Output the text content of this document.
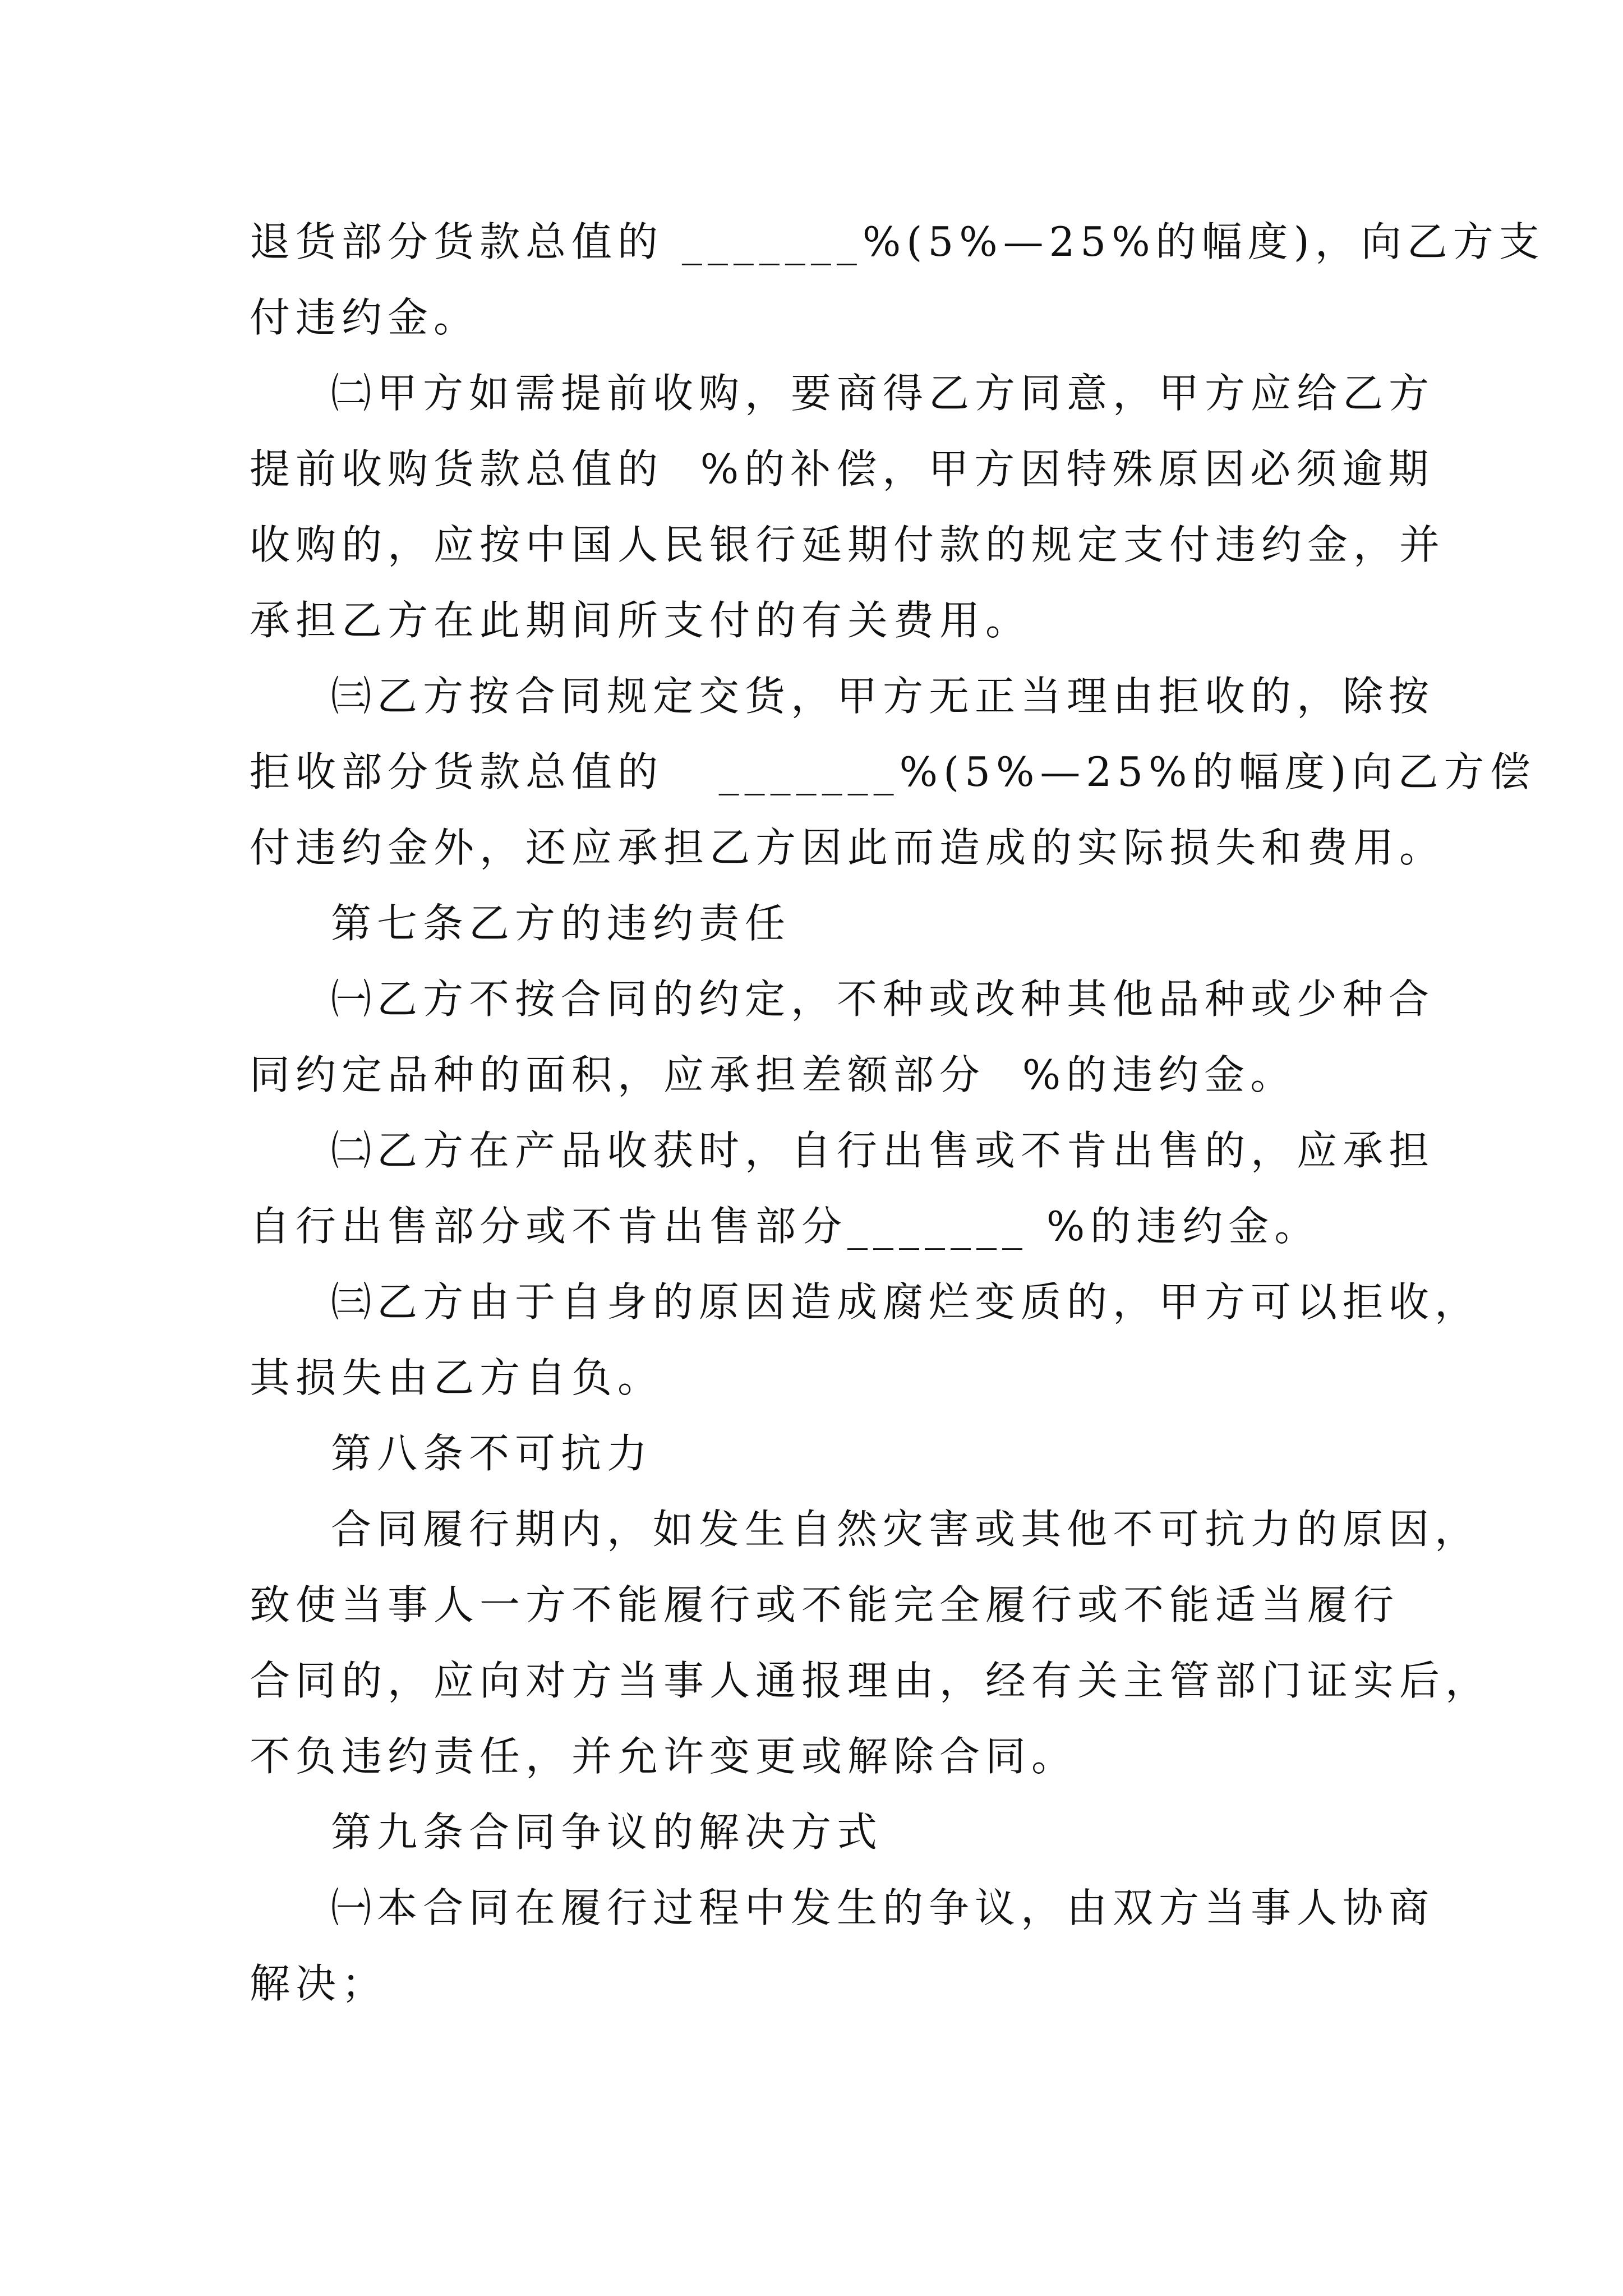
退货部分货款总值的 _______%(5%—25%的幅度)，向乙方支
付违约金。
㈡甲方如需提前收购，要商得乙方同意，甲方应给乙方
提前收购货款总值的  %的补偿，甲方因特殊原因必须逾期
收购的，应按中国人民银行延期付款的规定支付违约金，并
承担乙方在此期间所支付的有关费用。
㈢乙方按合同规定交货，甲方无正当理由拒收的，除按
拒收部分货款总值的   _______%(5%—25%的幅度)向乙方偿
付违约金外，还应承担乙方因此而造成的实际损失和费用。
第七条乙方的违约责任
㈠乙方不按合同的约定，不种或改种其他品种或少种合
同约定品种的面积，应承担差额部分  %的违约金。
㈡乙方在产品收获时，自行出售或不肯出售的，应承担
自行出售部分或不肯出售部分_______ %的违约金。
㈢乙方由于自身的原因造成腐烂变质的，甲方可以拒收，
其损失由乙方自负。
第八条不可抗力
合同履行期内，如发生自然灾害或其他不可抗力的原因，
致使当事人一方不能履行或不能完全履行或不能适当履行
合同的，应向对方当事人通报理由，经有关主管部门证实后，
不负违约责任，并允许变更或解除合同。
第九条合同争议的解决方式
㈠本合同在履行过程中发生的争议，由双方当事人协商
解决；
